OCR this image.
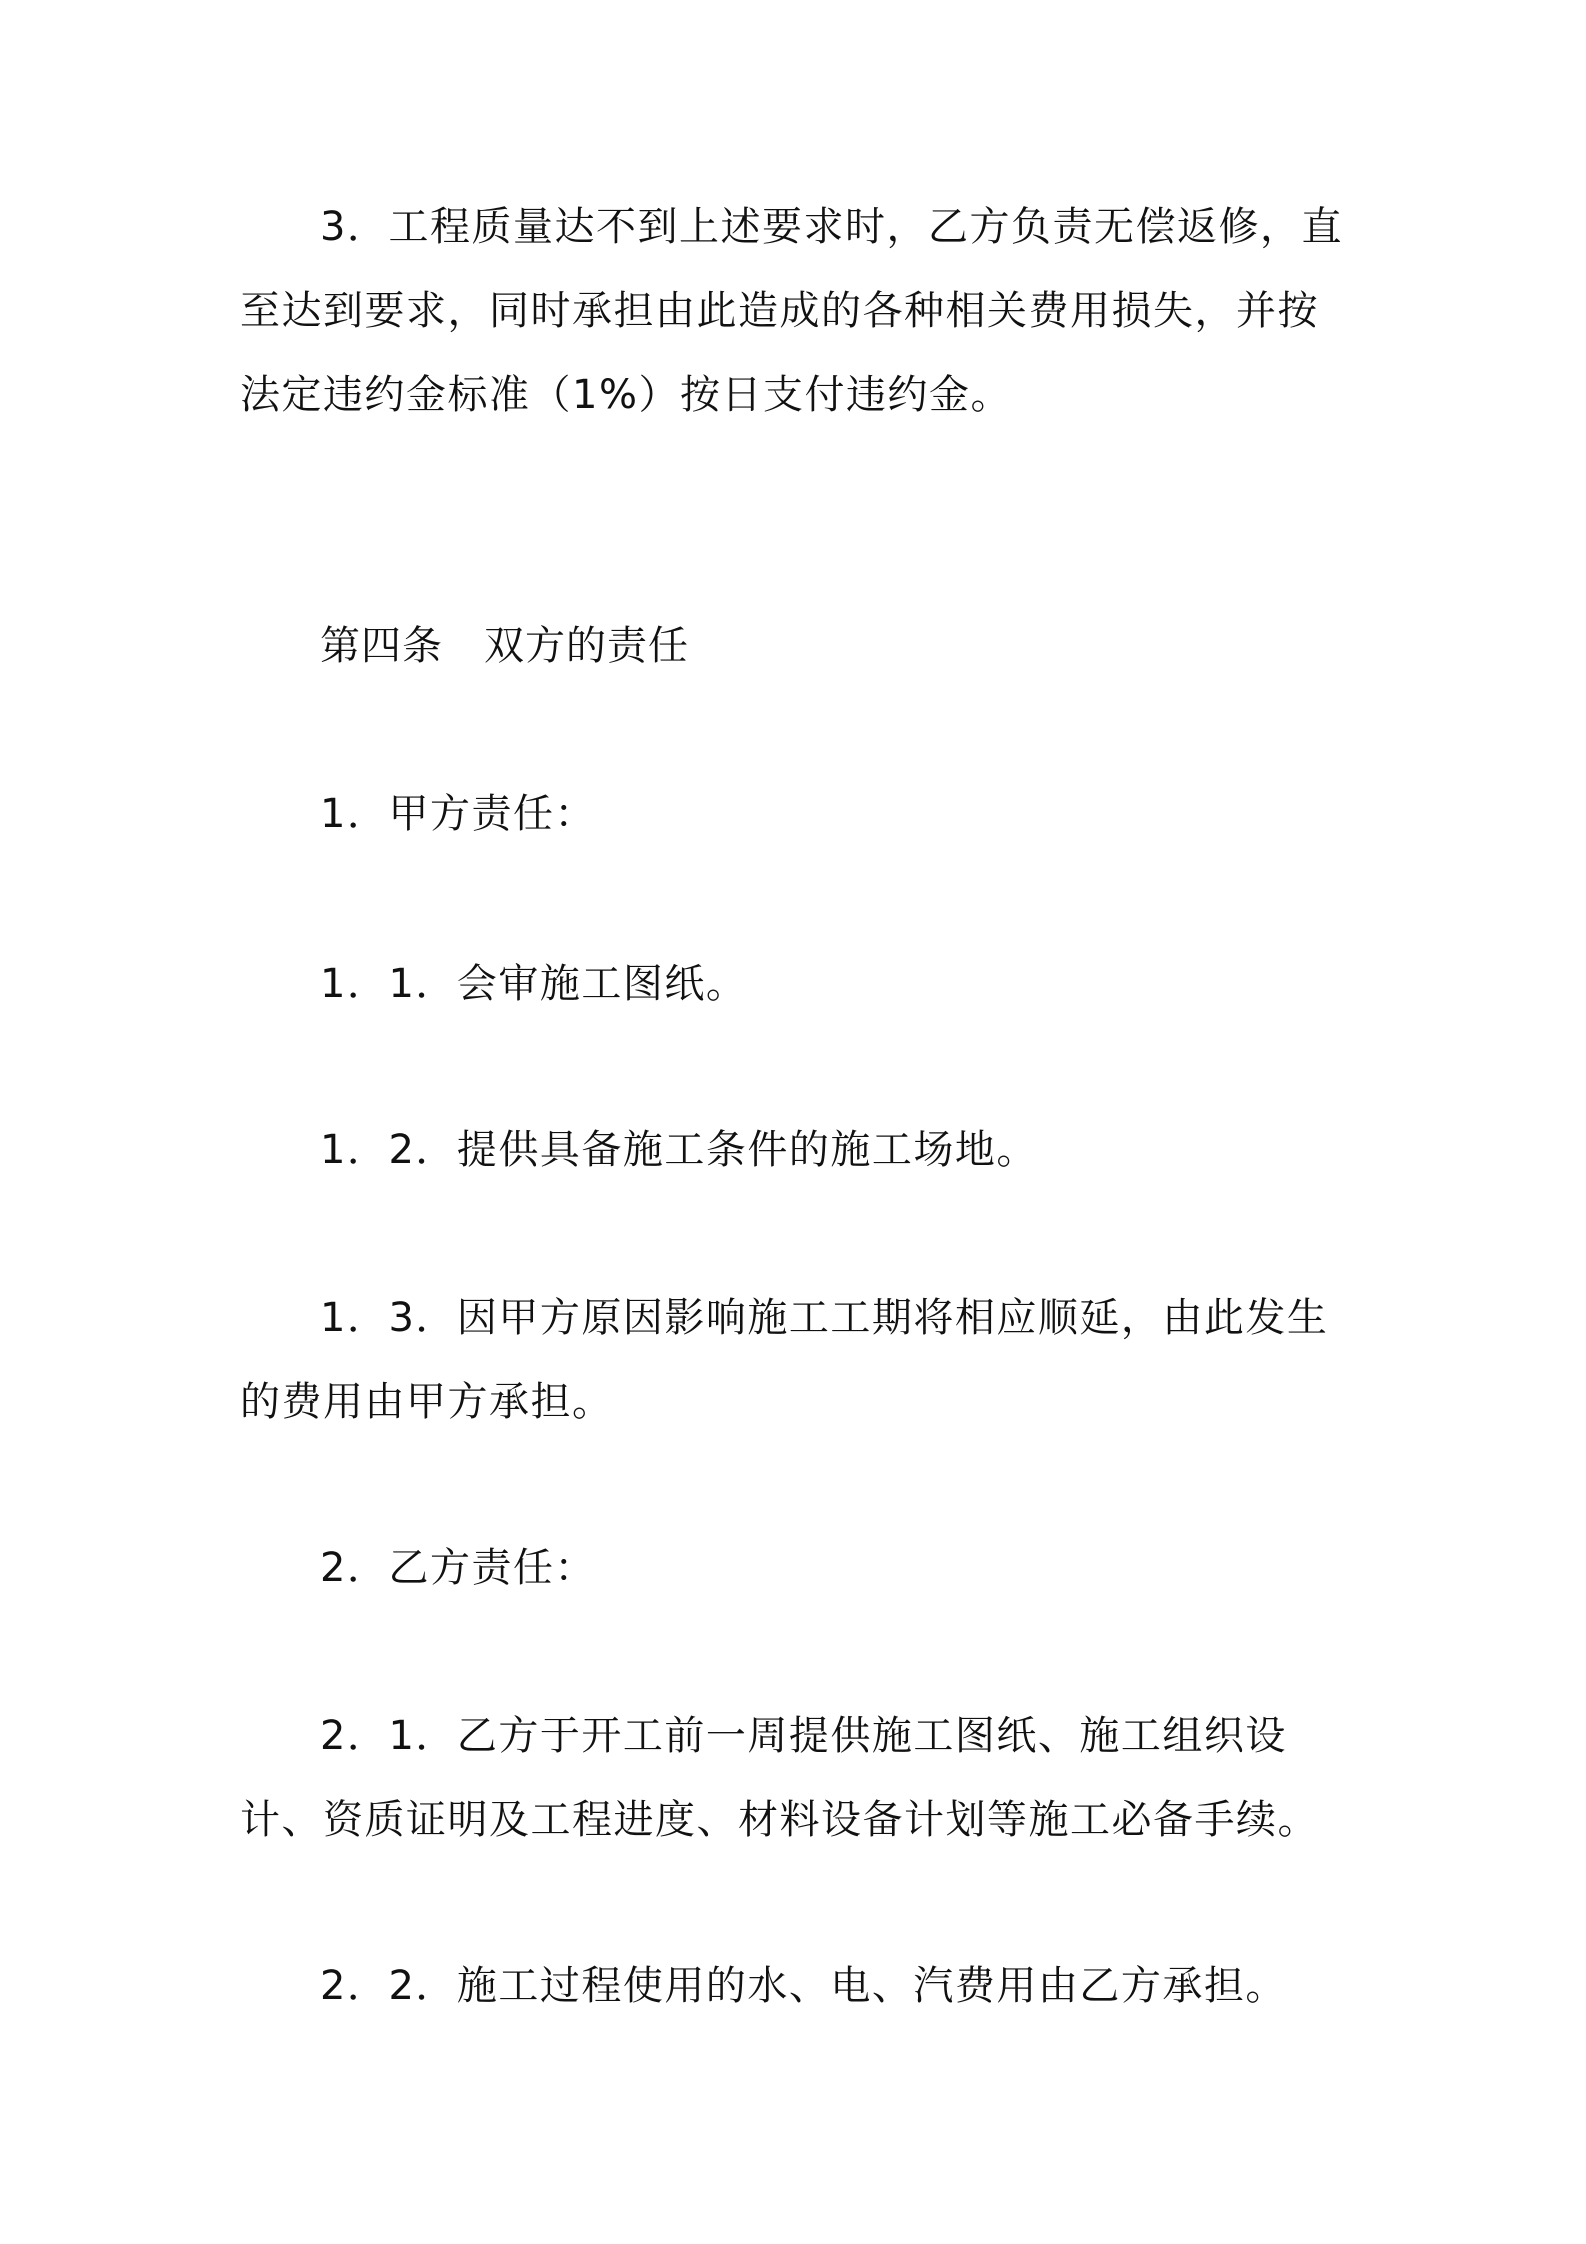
3．工程质量达不到上述要求时，乙方负责无偿返修，直至达到要求，同时承担由此造成的各种相关费用损失，并按法定违约金标准（1%）按日支付违约金。

第四条　双方的责任

1．甲方责任：

1．1．会审施工图纸。

1．2．提供具备施工条件的施工场地。

1．3．因甲方原因影响施工工期将相应顺延，由此发生的费用由甲方承担。

2．乙方责任：

2．1．乙方于开工前一周提供施工图纸、施工组织设计、资质证明及工程进度、材料设备计划等施工必备手续。

2．2．施工过程使用的水、电、汽费用由乙方承担。
